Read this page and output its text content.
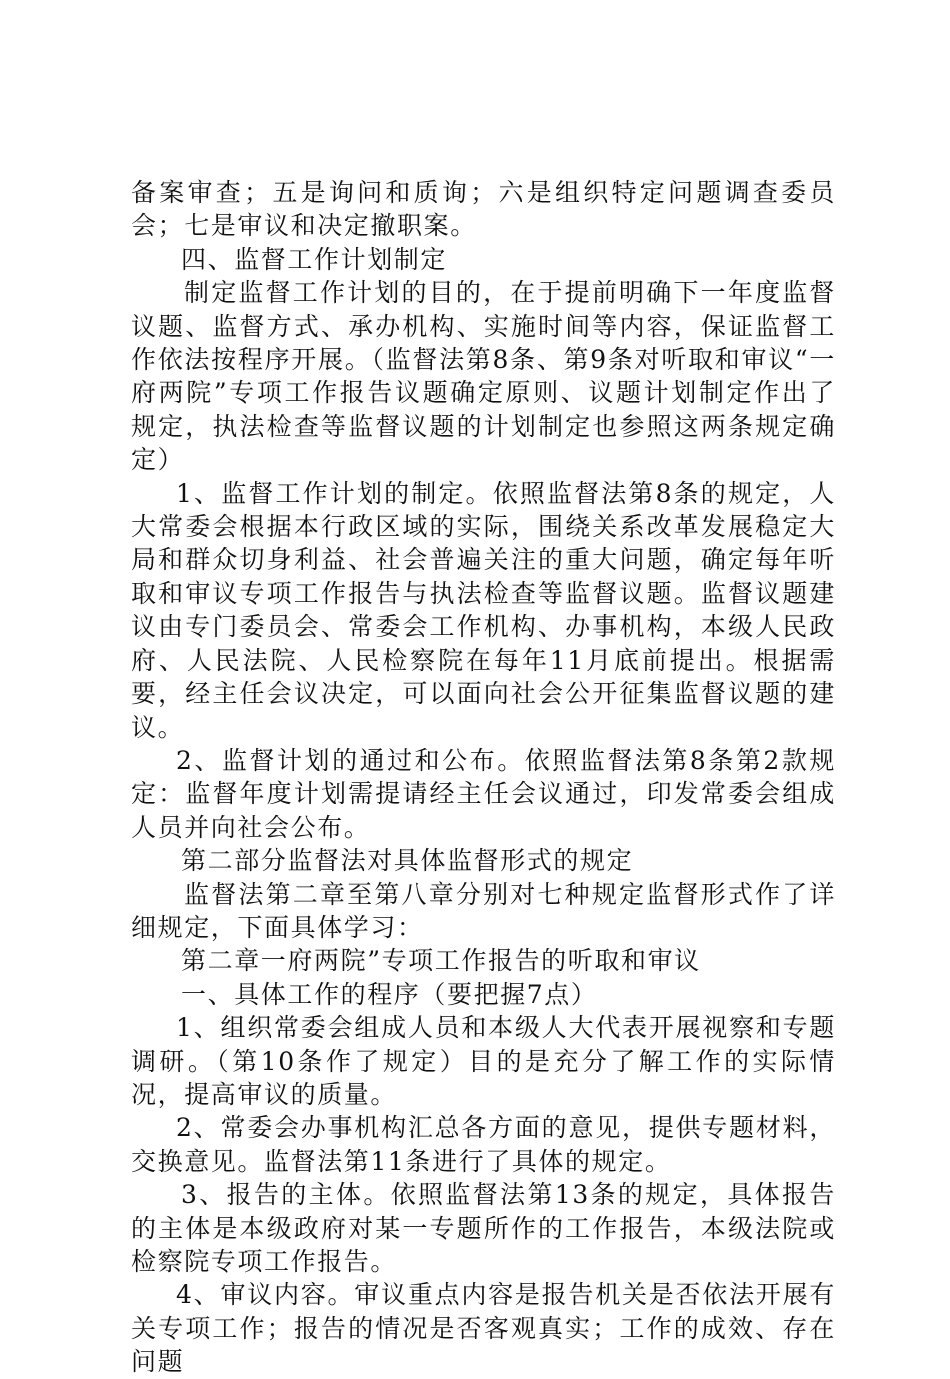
备案审查；五是询问和质询；六是组织特定问题调查委员会；七是审议和决定撤职案。

四、监督工作计划制定

制定监督工作计划的目的，在于提前明确下一年度监督议题、监督方式、承办机构、实施时间等内容，保证监督工作依法按程序开展。（监督法第8条、第9条对听取和审议“一府两院”专项工作报告议题确定原则、议题计划制定作出了规定，执法检查等监督议题的计划制定也参照这两条规定确定）

1、监督工作计划的制定。依照监督法第8条的规定，人大常委会根据本行政区域的实际，围绕关系改革发展稳定大局和群众切身利益、社会普遍关注的重大问题，确定每年听取和审议专项工作报告与执法检查等监督议题。监督议题建议由专门委员会、常委会工作机构、办事机构，本级人民政府、人民法院、人民检察院在每年11月底前提出。根据需要，经主任会议决定，可以面向社会公开征集监督议题的建议。

2、监督计划的通过和公布。依照监督法第8条第2款规定：监督年度计划需提请经主任会议通过，印发常委会组成人员并向社会公布。

第二部分监督法对具体监督形式的规定

监督法第二章至第八章分别对七种规定监督形式作了详细规定，下面具体学习：

第二章一府两院”专项工作报告的听取和审议

一、具体工作的程序（要把握7点）

1、组织常委会组成人员和本级人大代表开展视察和专题调研。（第10条作了规定）目的是充分了解工作的实际情况，提高审议的质量。

2、常委会办事机构汇总各方面的意见，提供专题材料，交换意见。监督法第11条进行了具体的规定。

3、报告的主体。依照监督法第13条的规定，具体报告的主体是本级政府对某一专题所作的工作报告，本级法院或检察院专项工作报告。

4、审议内容。审议重点内容是报告机关是否依法开展有关专项工作；报告的情况是否客观真实；工作的成效、存在问题
